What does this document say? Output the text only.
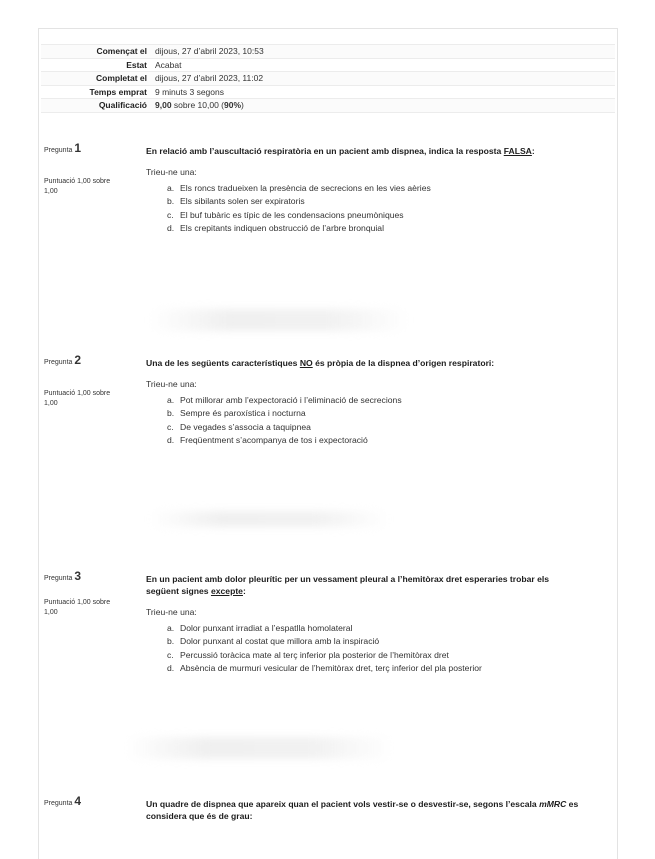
Començat el dijous, 27 d’abril 2023, 10:53
Estat Acabat
Completat el dijous, 27 d’abril 2023, 11:02
Temps emprat 9 minuts 3 segons
Qualificació 9,00 sobre 10,00 (90%)
Pregunta 1
Puntuació 1,00 sobre 1,00
En relació amb l’auscultació respiratòria en un pacient amb dispnea, indica la resposta FALSA:
Trieu-ne una:
a. Els roncs tradueixen la presència de secrecions en les vies aèries
b. Els sibilants solen ser expiratoris
c. El buf tubàric es típic de les condensacions pneumòniques
d. Els crepitants indiquen obstrucció de l’arbre bronquial
Pregunta 2
Puntuació 1,00 sobre 1,00
Una de les següents característiques NO és pròpia de la dispnea d’origen respiratori:
Trieu-ne una:
a. Pot millorar amb l’expectoració i l’eliminació de secrecions
b. Sempre és paroxística i nocturna
c. De vegades s’associa a taquipnea
d. Freqüentment s’acompanya de tos i expectoració
Pregunta 3
Puntuació 1,00 sobre 1,00
En un pacient amb dolor pleurític per un vessament pleural a l’hemitòrax dret esperaries trobar els següent signes excepte:
Trieu-ne una:
a. Dolor punxant irradiat a l’espatlla homolateral
b. Dolor punxant al costat que millora amb la inspiració
c. Percussió toràcica mate al terç inferior pla posterior de l’hemitòrax dret
d. Absència de murmuri vesicular de l’hemitòrax dret, terç inferior del pla posterior
Pregunta 4	Un quadre de dispnea que apareix quan el pacient vols vestir-se o desvestir-se, segons l’escala mMRC es considera que és de grau:
